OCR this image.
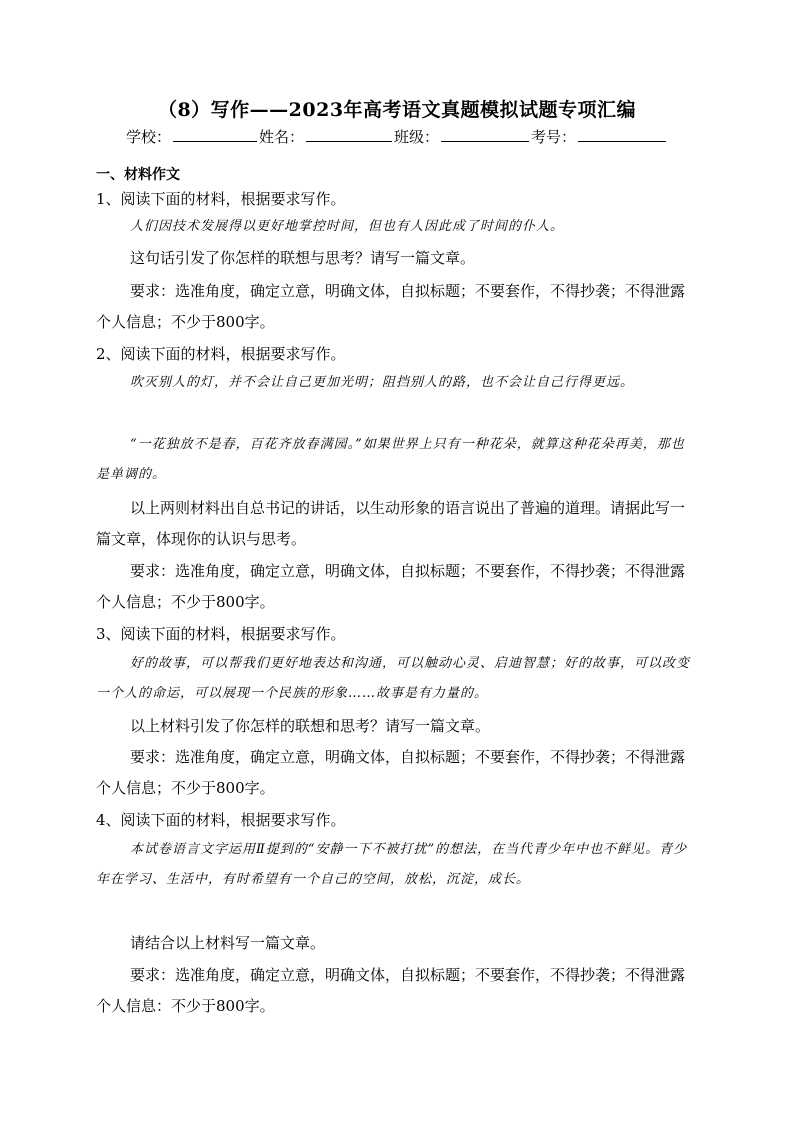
（8）写作——2023年高考语文真题模拟试题专项汇编
学校：	姓名：	班级：	考号：
一、材料作文

1、阅读下面的材料，根据要求写作。

人们因技术发展得以更好地掌控时间，但也有人因此成了时间的仆人。

这句话引发了你怎样的联想与思考？请写一篇文章。

要求：选准角度，确定立意，明确文体，自拟标题；不要套作，不得抄袭；不得泄露个人信息；不少于800字。

2、阅读下面的材料，根据要求写作。

吹灭别人的灯，并不会让自己更加光明；阻挡别人的路，也不会让自己行得更远。

“一花独放不是春，百花齐放春满园。”如果世界上只有一种花朵，就算这种花朵再美，那也是单调的。

以上两则材料出自总书记的讲话，以生动形象的语言说出了普遍的道理。请据此写一篇文章，体现你的认识与思考。

要求：选准角度，确定立意，明确文体，自拟标题；不要套作，不得抄袭；不得泄露个人信息；不少于800字。

3、阅读下面的材料，根据要求写作。

好的故事，可以帮我们更好地表达和沟通，可以触动心灵、启迪智慧；好的故事，可以改变一个人的命运，可以展现一个民族的形象……故事是有力量的。

以上材料引发了你怎样的联想和思考？请写一篇文章。

要求：选准角度，确定立意，明确文体，自拟标题；不要套作，不得抄袭；不得泄露个人信息；不少于800字。

4、阅读下面的材料，根据要求写作。

本试卷语言文字运用Ⅱ提到的“安静一下不被打扰”的想法，在当代青少年中也不鲜见。青少年在学习、生活中，有时希望有一个自己的空间，放松，沉淀，成长。

请结合以上材料写一篇文章。

要求：选准角度，确定立意，明确文体，自拟标题；不要套作，不得抄袭；不得泄露个人信息：不少于800字。
